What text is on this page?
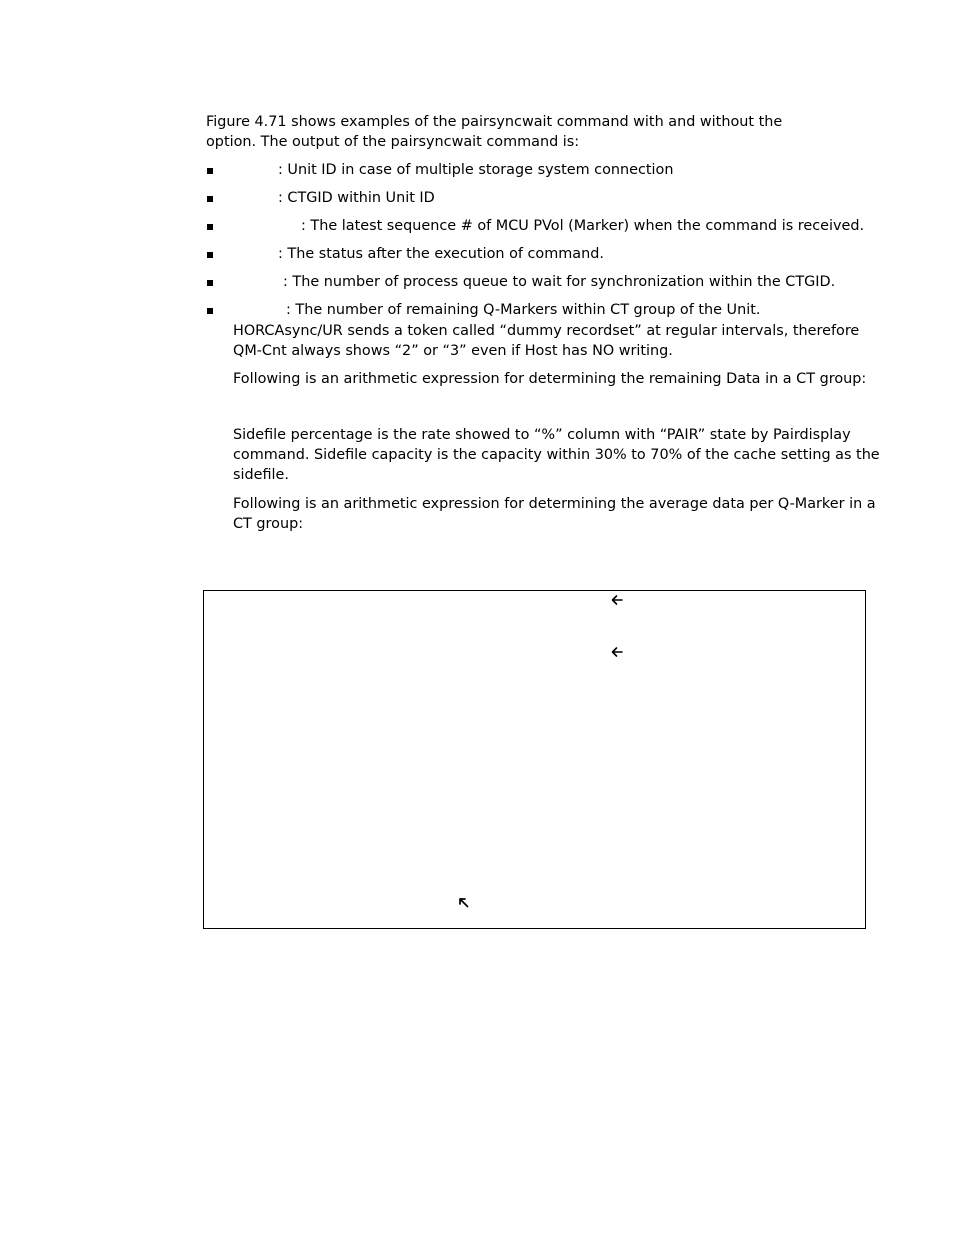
Figure 4.71 shows examples of the pairsyncwait command with and without the

option. The output of the pairsyncwait command is:

: Unit ID in case of multiple storage system connection

: CTGID within Unit ID

: The latest sequence # of MCU PVol (Marker) when the command is received.

: The status after the execution of command.

: The number of process queue to wait for synchronization within the CTGID.

: The number of remaining Q-Markers within CT group of the Unit.

HORCAsync/UR sends a token called “dummy recordset” at regular intervals, therefore

QM-Cnt always shows “2” or “3” even if Host has NO writing.

Following is an arithmetic expression for determining the remaining Data in a CT group:

Sidefile percentage is the rate showed to “%” column with “PAIR” state by Pairdisplay

command. Sidefile capacity is the capacity within 30% to 70% of the cache setting as the

sidefile.

Following is an arithmetic expression for determining the average data per Q-Marker in a

CT group:
